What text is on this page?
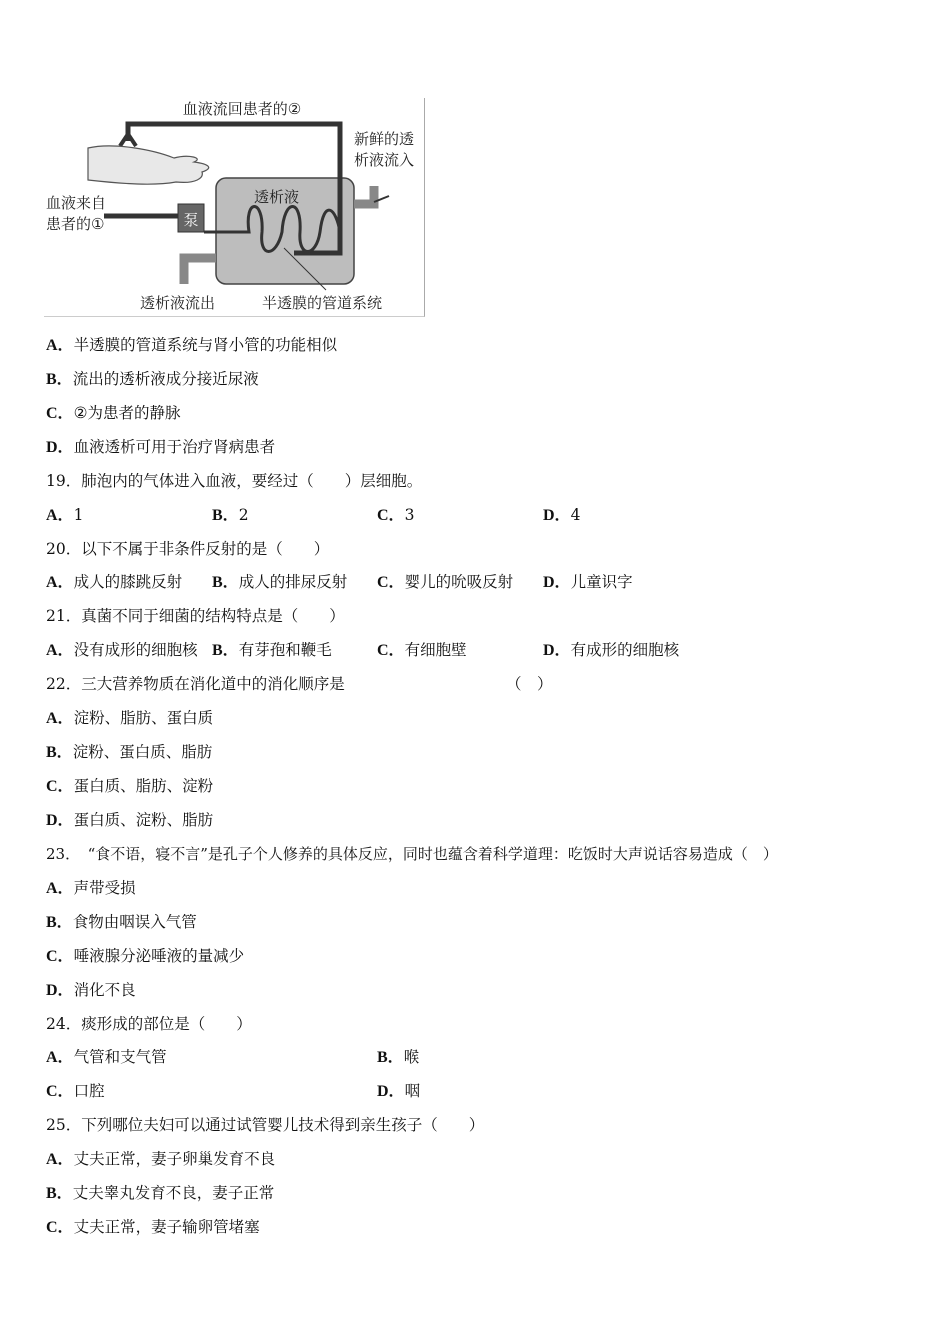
泵
血液流回患者的②
新鲜的透
析液流入
血液来自
患者的①
透析液
透析液流出	半透膜的管道系统
A．半透膜的管道系统与肾小管的功能相似
B．流出的透析液成分接近尿液
C．②为患者的静脉
D．血液透析可用于治疗肾病患者
19．肺泡内的气体进入血液，要经过（　　）层细胞。
A．1	B．2	C．3	D．4
20．以下不属于非条件反射的是（　　）
A．成人的膝跳反射 B．成人的排尿反射 C．婴儿的吮吸反射 D．儿童识字
21．真菌不同于细菌的结构特点是（　　）
A．没有成形的细胞核 B．有芽孢和鞭毛	C．有细胞壁	D．有成形的细胞核
22．三大营养物质在消化道中的消化顺序是	（　）
A．淀粉、脂肪、蛋白质
B．淀粉、蛋白质、脂肪
C．蛋白质、脂肪、淀粉
D．蛋白质、淀粉、脂肪
23．　“食不语，寝不言”是孔子个人修养的具体反应，同时也蕴含着科学道理：吃饭时大声说话容易造成（　）
A．声带受损
B．食物由咽误入气管
C．唾液腺分泌唾液的量减少
D．消化不良
24．痰形成的部位是（　　）
A．气管和支气管	B．喉
C．口腔	D．咽
25．下列哪位夫妇可以通过试管婴儿技术得到亲生孩子（　　）
A．丈夫正常，妻子卵巢发育不良
B．丈夫睾丸发育不良，妻子正常
C．丈夫正常，妻子输卵管堵塞
